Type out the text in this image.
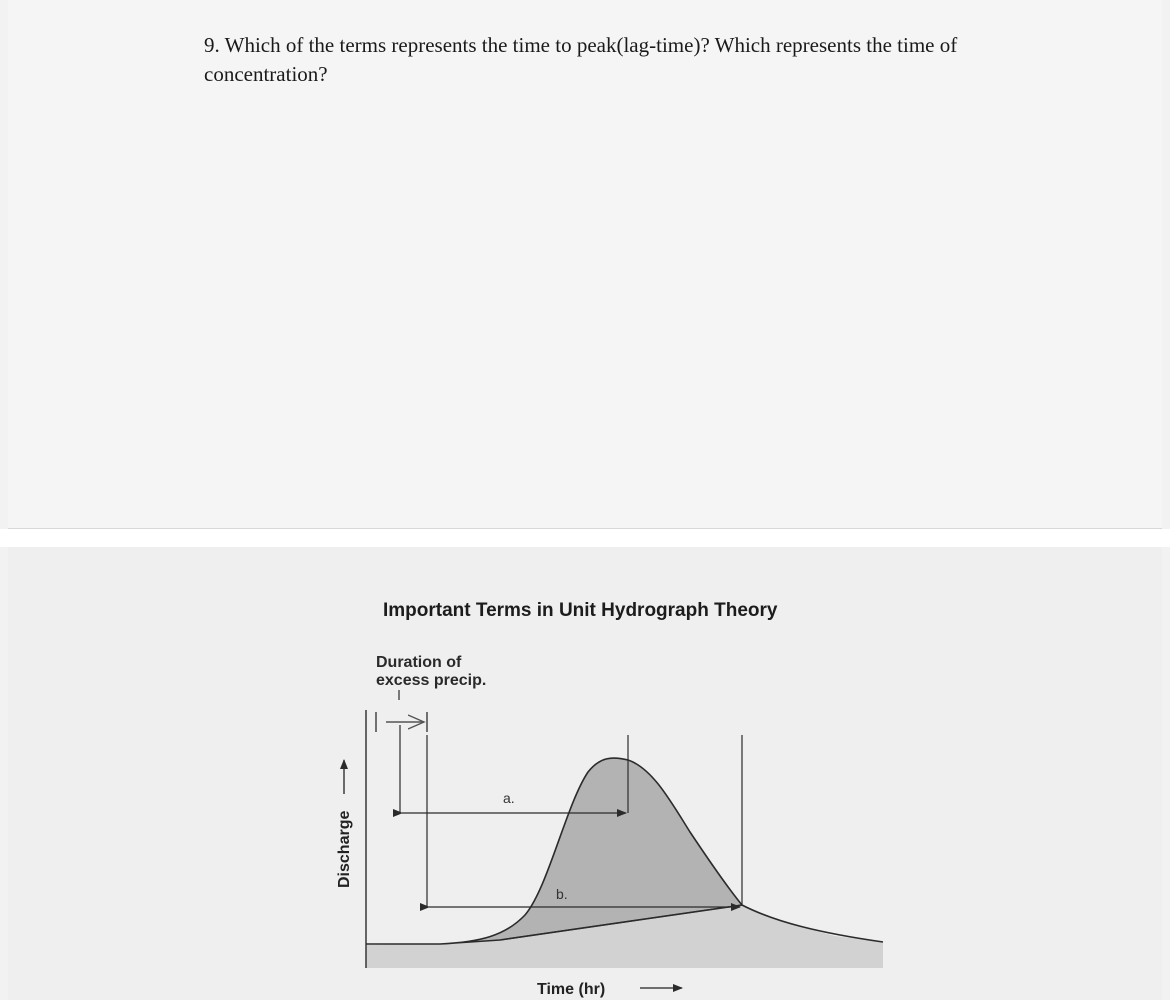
9. Which of the terms represents the time to peak(lag-time)? Which represents the time of concentration?
Important Terms in Unit Hydrograph Theory
Duration of
excess precip.
a.
b.
Discharge
Time (hr)
